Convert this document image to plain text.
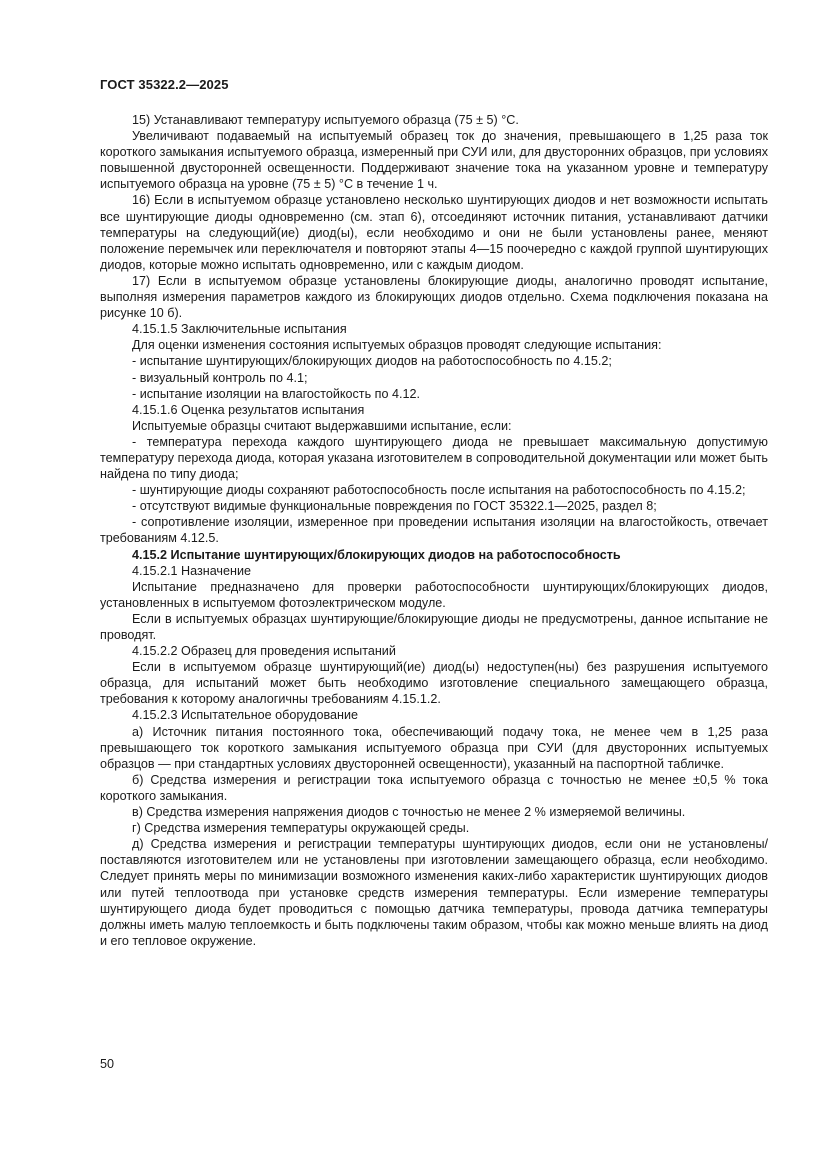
ГОСТ 35322.2—2025

15) Устанавливают температуру испытуемого образца (75 ± 5) °С.

Увеличивают подаваемый на испытуемый образец ток до значения, превышающего в 1,25 раза ток короткого замыкания испытуемого образца, измеренный при СУИ или, для двусторонних образцов, при условиях повышенной двусторонней освещенности. Поддерживают значение тока на указанном уровне и температуру испытуемого образца на уровне (75 ± 5) °С в течение 1 ч.

16) Если в испытуемом образце установлено несколько шунтирующих диодов и нет возможности испытать все шунтирующие диоды одновременно (см. этап 6), отсоединяют источник питания, устанавливают датчики температуры на следующий(ие) диод(ы), если необходимо и они не были установлены ранее, меняют положение перемычек или переключателя и повторяют этапы 4—15 поочередно с каждой группой шунтирующих диодов, которые можно испытать одновременно, или с каждым диодом.

17) Если в испытуемом образце установлены блокирующие диоды, аналогично проводят испытание, выполняя измерения параметров каждого из блокирующих диодов отдельно. Схема подключения показана на рисунке 10 б).

4.15.1.5 Заключительные испытания

Для оценки изменения состояния испытуемых образцов проводят следующие испытания:

- испытание шунтирующих/блокирующих диодов на работоспособность по 4.15.2;

- визуальный контроль по 4.1;

- испытание изоляции на влагостойкость по 4.12.

4.15.1.6 Оценка результатов испытания

Испытуемые образцы считают выдержавшими испытание, если:

- температура перехода каждого шунтирующего диода не превышает максимальную допустимую температуру перехода диода, которая указана изготовителем в сопроводительной документации или может быть найдена по типу диода;

- шунтирующие диоды сохраняют работоспособность после испытания на работоспособность по 4.15.2;

- отсутствуют видимые функциональные повреждения по ГОСТ 35322.1—2025, раздел 8;

- сопротивление изоляции, измеренное при проведении испытания изоляции на влагостойкость, отвечает требованиям 4.12.5.

4.15.2 Испытание шунтирующих/блокирующих диодов на работоспособность

4.15.2.1 Назначение

Испытание предназначено для проверки работоспособности шунтирующих/блокирующих диодов, установленных в испытуемом фотоэлектрическом модуле.

Если в испытуемых образцах шунтирующие/блокирующие диоды не предусмотрены, данное испытание не проводят.

4.15.2.2 Образец для проведения испытаний

Если в испытуемом образце шунтирующий(ие) диод(ы) недоступен(ны) без разрушения испытуемого образца, для испытаний может быть необходимо изготовление специального замещающего образца, требования к которому аналогичны требованиям 4.15.1.2.

4.15.2.3 Испытательное оборудование

а) Источник питания постоянного тока, обеспечивающий подачу тока, не менее чем в 1,25 раза превышающего ток короткого замыкания испытуемого образца при СУИ (для двусторонних испытуемых образцов — при стандартных условиях двусторонней освещенности), указанный на паспортной табличке.

б) Средства измерения и регистрации тока испытуемого образца с точностью не менее ±0,5 % тока короткого замыкания.

в) Средства измерения напряжения диодов с точностью не менее 2 % измеряемой величины.

г) Средства измерения температуры окружающей среды.

д) Средства измерения и регистрации температуры шунтирующих диодов, если они не установлены/поставляются изготовителем или не установлены при изготовлении замещающего образца, если необходимо. Следует принять меры по минимизации возможного изменения каких-либо характеристик шунтирующих диодов или путей теплоотвода при установке средств измерения температуры. Если измерение температуры шунтирующего диода будет проводиться с помощью датчика температуры, провода датчика температуры должны иметь малую теплоемкость и быть подключены таким образом, чтобы как можно меньше влиять на диод и его тепловое окружение.

50
